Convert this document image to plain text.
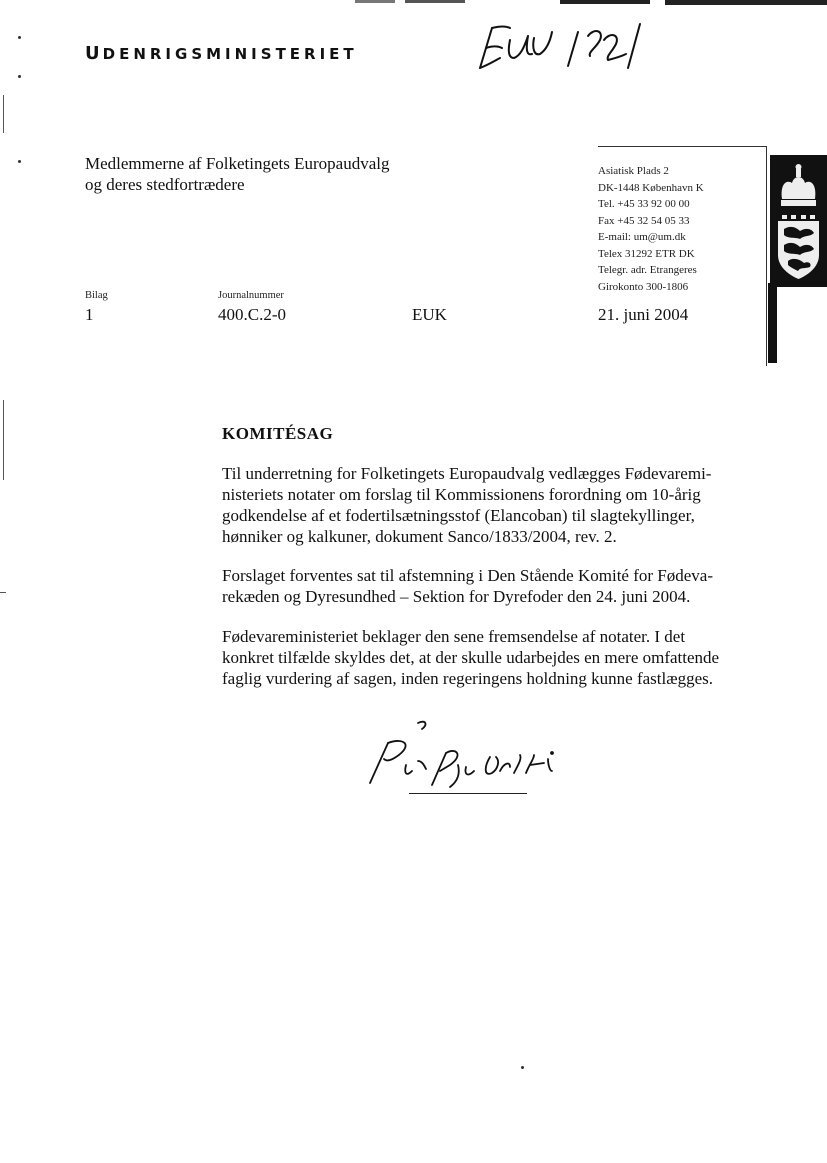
UDENRIGSMINISTERIET
Medlemmerne af Folketingets Europaudvalg
og deres stedfortrædere
Asiatisk Plads 2
DK-1448 København K
Tel. +45 33 92 00 00
Fax +45 32 54 05 33
E-mail: um@um.dk
Telex 31292 ETR DK
Telegr. adr. Etrangeres
Girokonto 300-1806
Bilag	Journalnummer
1	400.C.2-0	EUK	21. juni 2004
KOMITÉSAG

Til underretning for Folketingets Europaudvalg vedlægges Fødevaremi-
nisteriets notater om forslag til Kommissionens forordning om 10-årig
godkendelse af et fodertilsætningsstof (Elancoban) til slagtekyllinger,
hønniker og kalkuner, dokument Sanco/1833/2004, rev. 2.

Forslaget forventes sat til afstemning i Den Stående Komité for Fødeva-
rekæden og Dyresundhed – Sektion for Dyrefoder den 24. juni 2004.

Fødevareministeriet beklager den sene fremsendelse af notater. I det
konkret tilfælde skyldes det, at der skulle udarbejdes en mere omfattende
faglig vurdering af sagen, inden regeringens holdning kunne fastlægges.
